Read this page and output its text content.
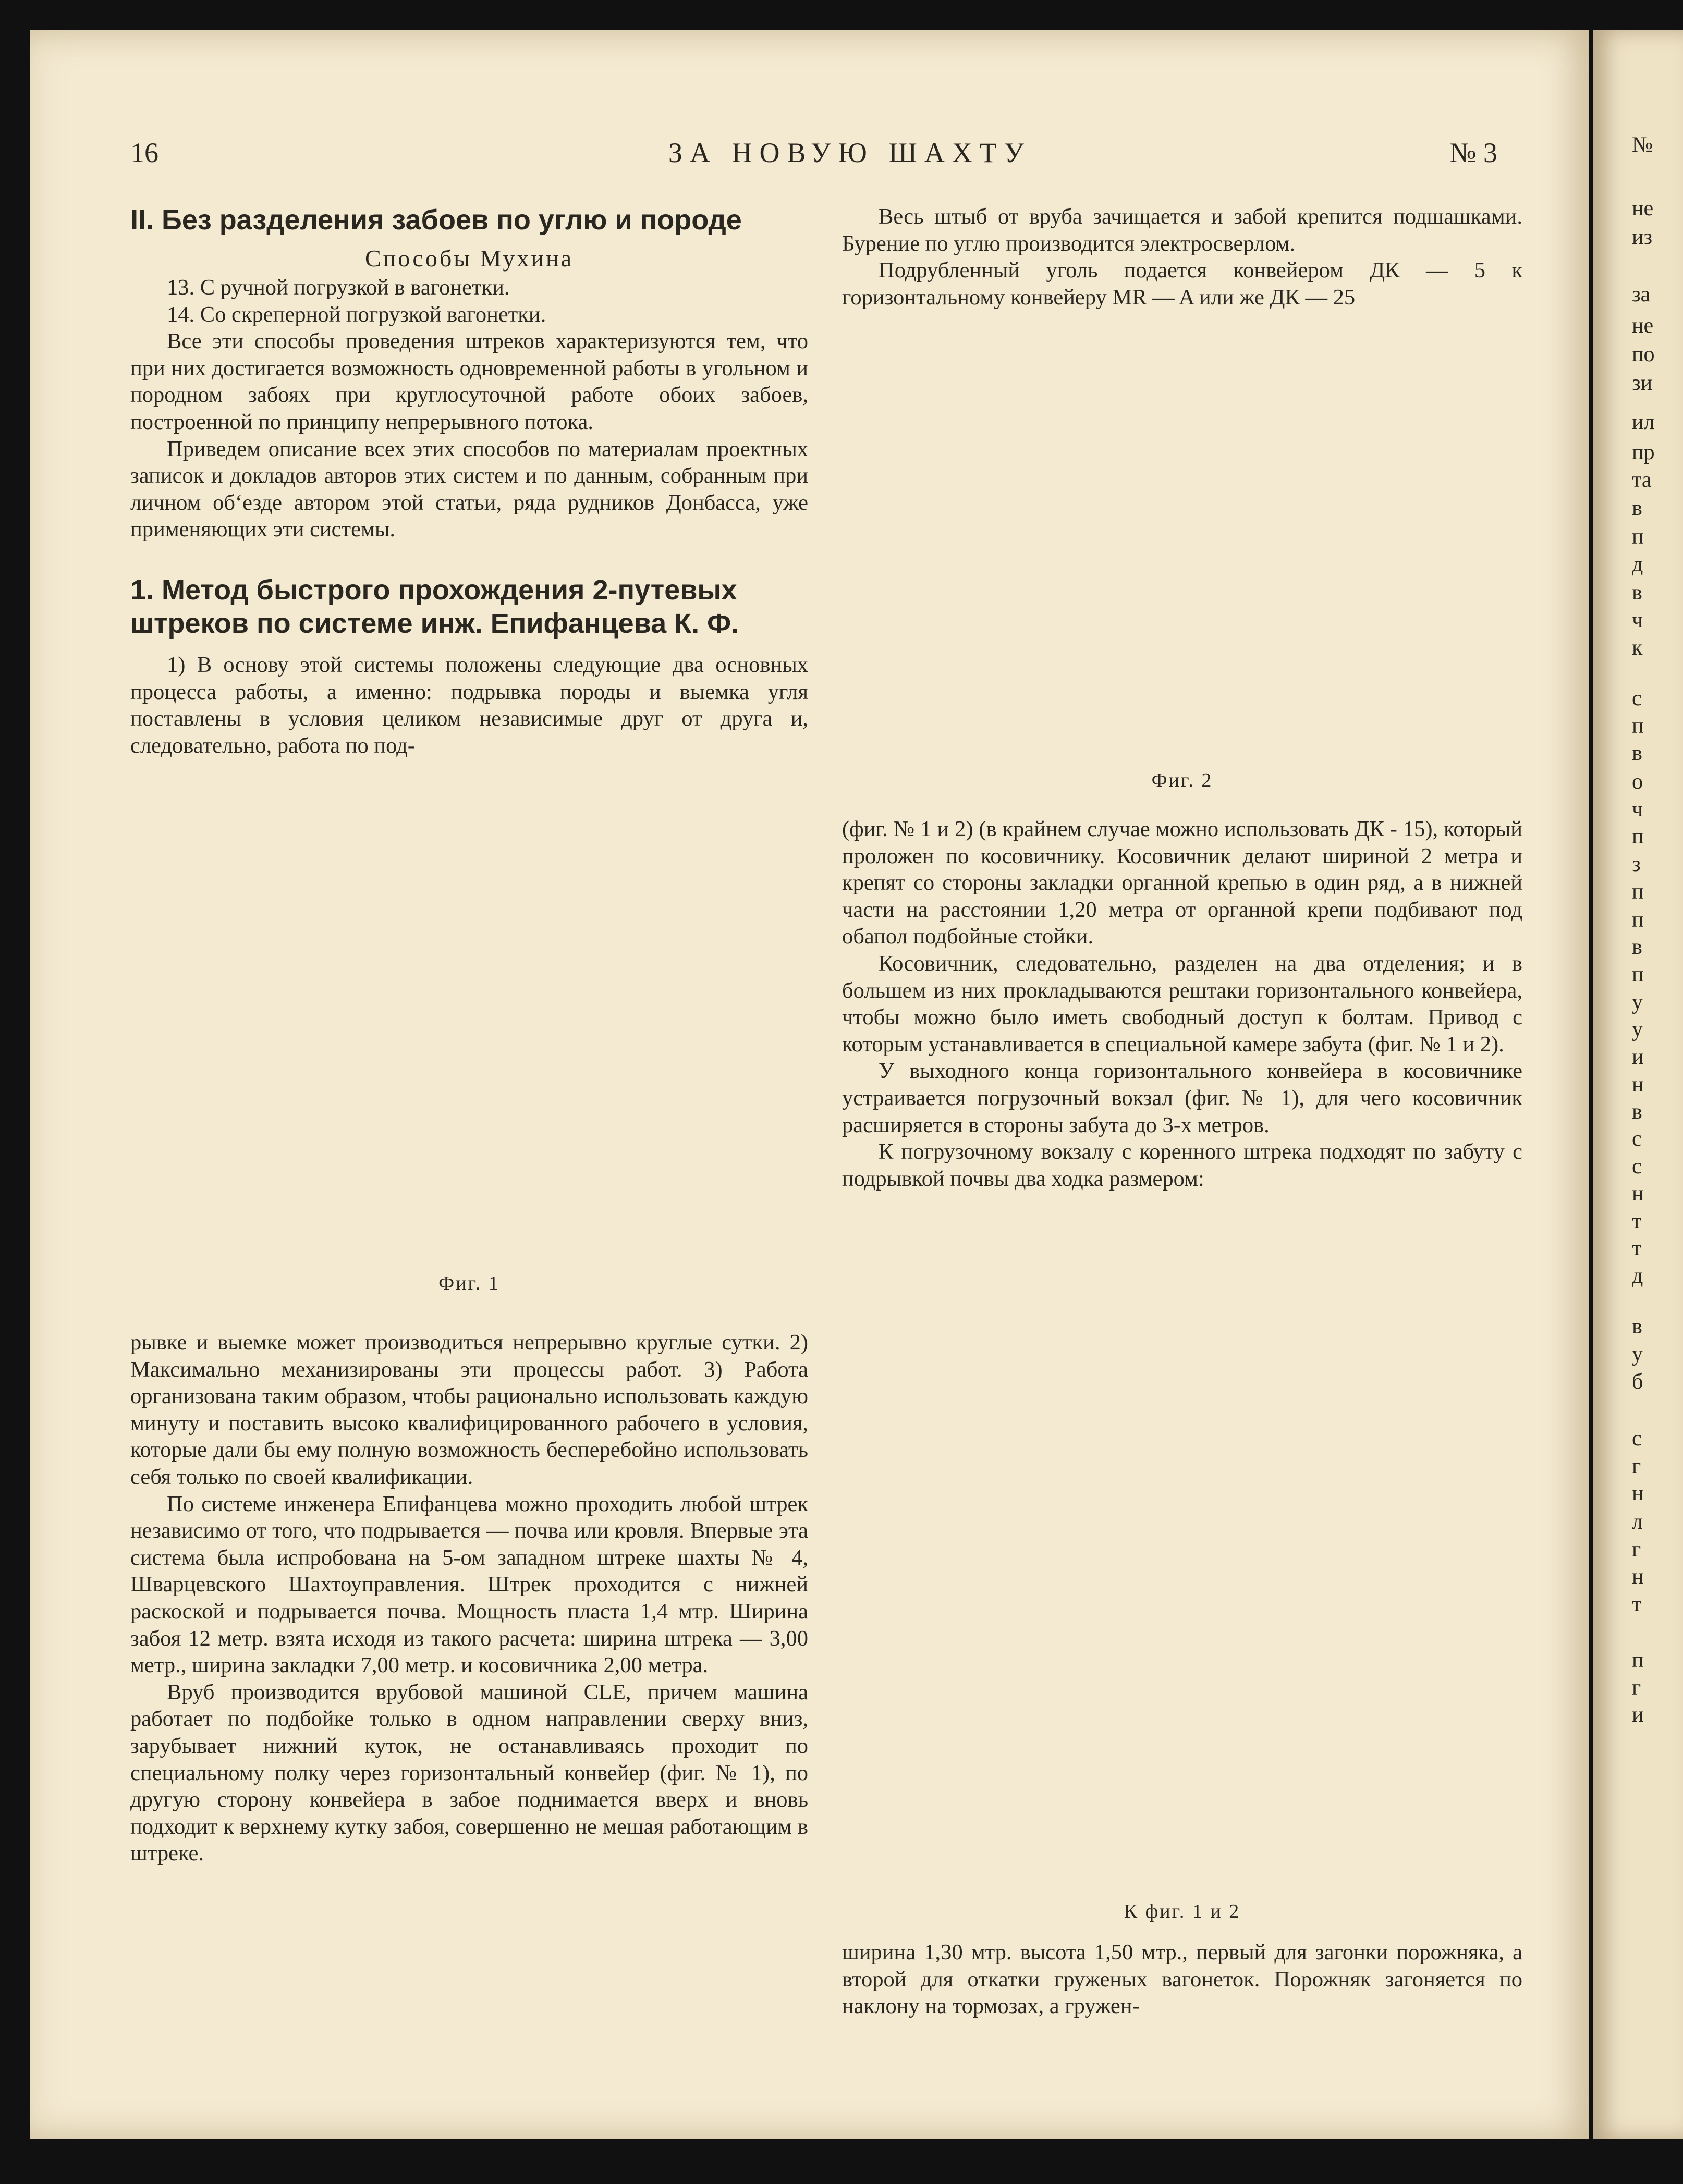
16	ЗА НОВУЮ ШАХТУ	№ 3

II. Без разделения забоев по углю и породе

Способы Мухина

13. С ручной погрузкой в вагонетки.

14. Со скреперной погрузкой вагонетки.

Все эти способы проведения штреков характеризуются тем, что при них достигается возможность одновременной работы в угольном и породном забоях при круглосуточной работе обоих забоев, построенной по принципу непрерывного потока.

Приведем описание всех этих способов по материалам проектных записок и докладов авторов этих систем и по данным, собранным при личном об‘езде автором этой статьи, ряда рудников Донбасса, уже применяющих эти системы.

1. Метод быстрого прохождения 2-путевых штреков по системе инж. Епифанцева К. Ф.

1) В основу этой системы положены следующие два основных процесса работы, а именно: подрывка породы и выемка угля поставлены в условия целиком независимые друг от друга и, следовательно, работа по под-

Фиг. 1

рывке и выемке может производиться непрерывно круглые сутки. 2) Максимально механизированы эти процессы работ. 3) Работа организована таким образом, чтобы рационально использовать каждую минуту и поставить высоко квалифицированного рабочего в условия, которые дали бы ему полную возможность бесперебойно использовать себя только по своей квалификации.

По системе инженера Епифанцева можно проходить любой штрек независимо от того, что подрывается — почва или кровля. Впервые эта система была испробована на 5-ом западном штреке шахты № 4, Шварцевского Шахтоуправления. Штрек проходится с нижней раскоской и подрывается почва. Мощность пласта 1,4 мтр. Ширина забоя 12 метр. взята исходя из такого расчета: ширина штрека — 3,00 метр., ширина закладки 7,00 метр. и косовичника 2,00 метра.

Вруб производится врубовой машиной CLE, причем машина работает по подбойке только в одном направлении сверху вниз, зарубывает нижний куток, не останавливаясь проходит по специальному полку через горизонтальный конвейер (фиг. № 1), по другую сторону конвейера в забое поднимается вверх и вновь подходит к верхнему кутку забоя, совершенно не мешая работающим в штреке.

Весь штыб от вруба зачищается и забой крепится подшашками. Бурение по углю производится электросверлом.

Подрубленный уголь подается конвейером ДК — 5 к горизонтальному конвейеру MR — A или же ДК — 25

Фиг. 2

(фиг. № 1 и 2) (в крайнем случае можно использовать ДК - 15), который проложен по косовичнику. Косовичник делают шириной 2 метра и крепят со стороны закладки органной крепью в один ряд, а в нижней части на расстоянии 1,20 метра от органной крепи подбивают под обапол подбойные стойки.

Косовичник, следовательно, разделен на два отделения; и в большем из них прокладываются рештаки горизонтального конвейера, чтобы можно было иметь свободный доступ к болтам. Привод с которым устанавливается в специальной камере забута (фиг. № 1 и 2).

У выходного конца горизонтального конвейера в косовичнике устраивается погрузочный вокзал (фиг. № 1), для чего косовичник расширяется в стороны забута до 3-х метров.

К погрузочному вокзалу с коренного штрека подходят по забуту с подрывкой почвы два ходка размером:

К фиг. 1 и 2

ширина 1,30 мтр. высота 1,50 мтр., первый для загонки порожняка, а второй для откатки груженых вагонеток. Порожняк загоняется по наклону на тормозах, а гружен-

№
не
из
за
не
по
зи
ил
пр
та
в
п
д
в
ч
к
с
п
в
о
ч
п
з
п
п
в
п
у
у
и
н
в
с
с
н
т
т
д
в
у
б
с
г
н
л
г
н
т
п
г
и
